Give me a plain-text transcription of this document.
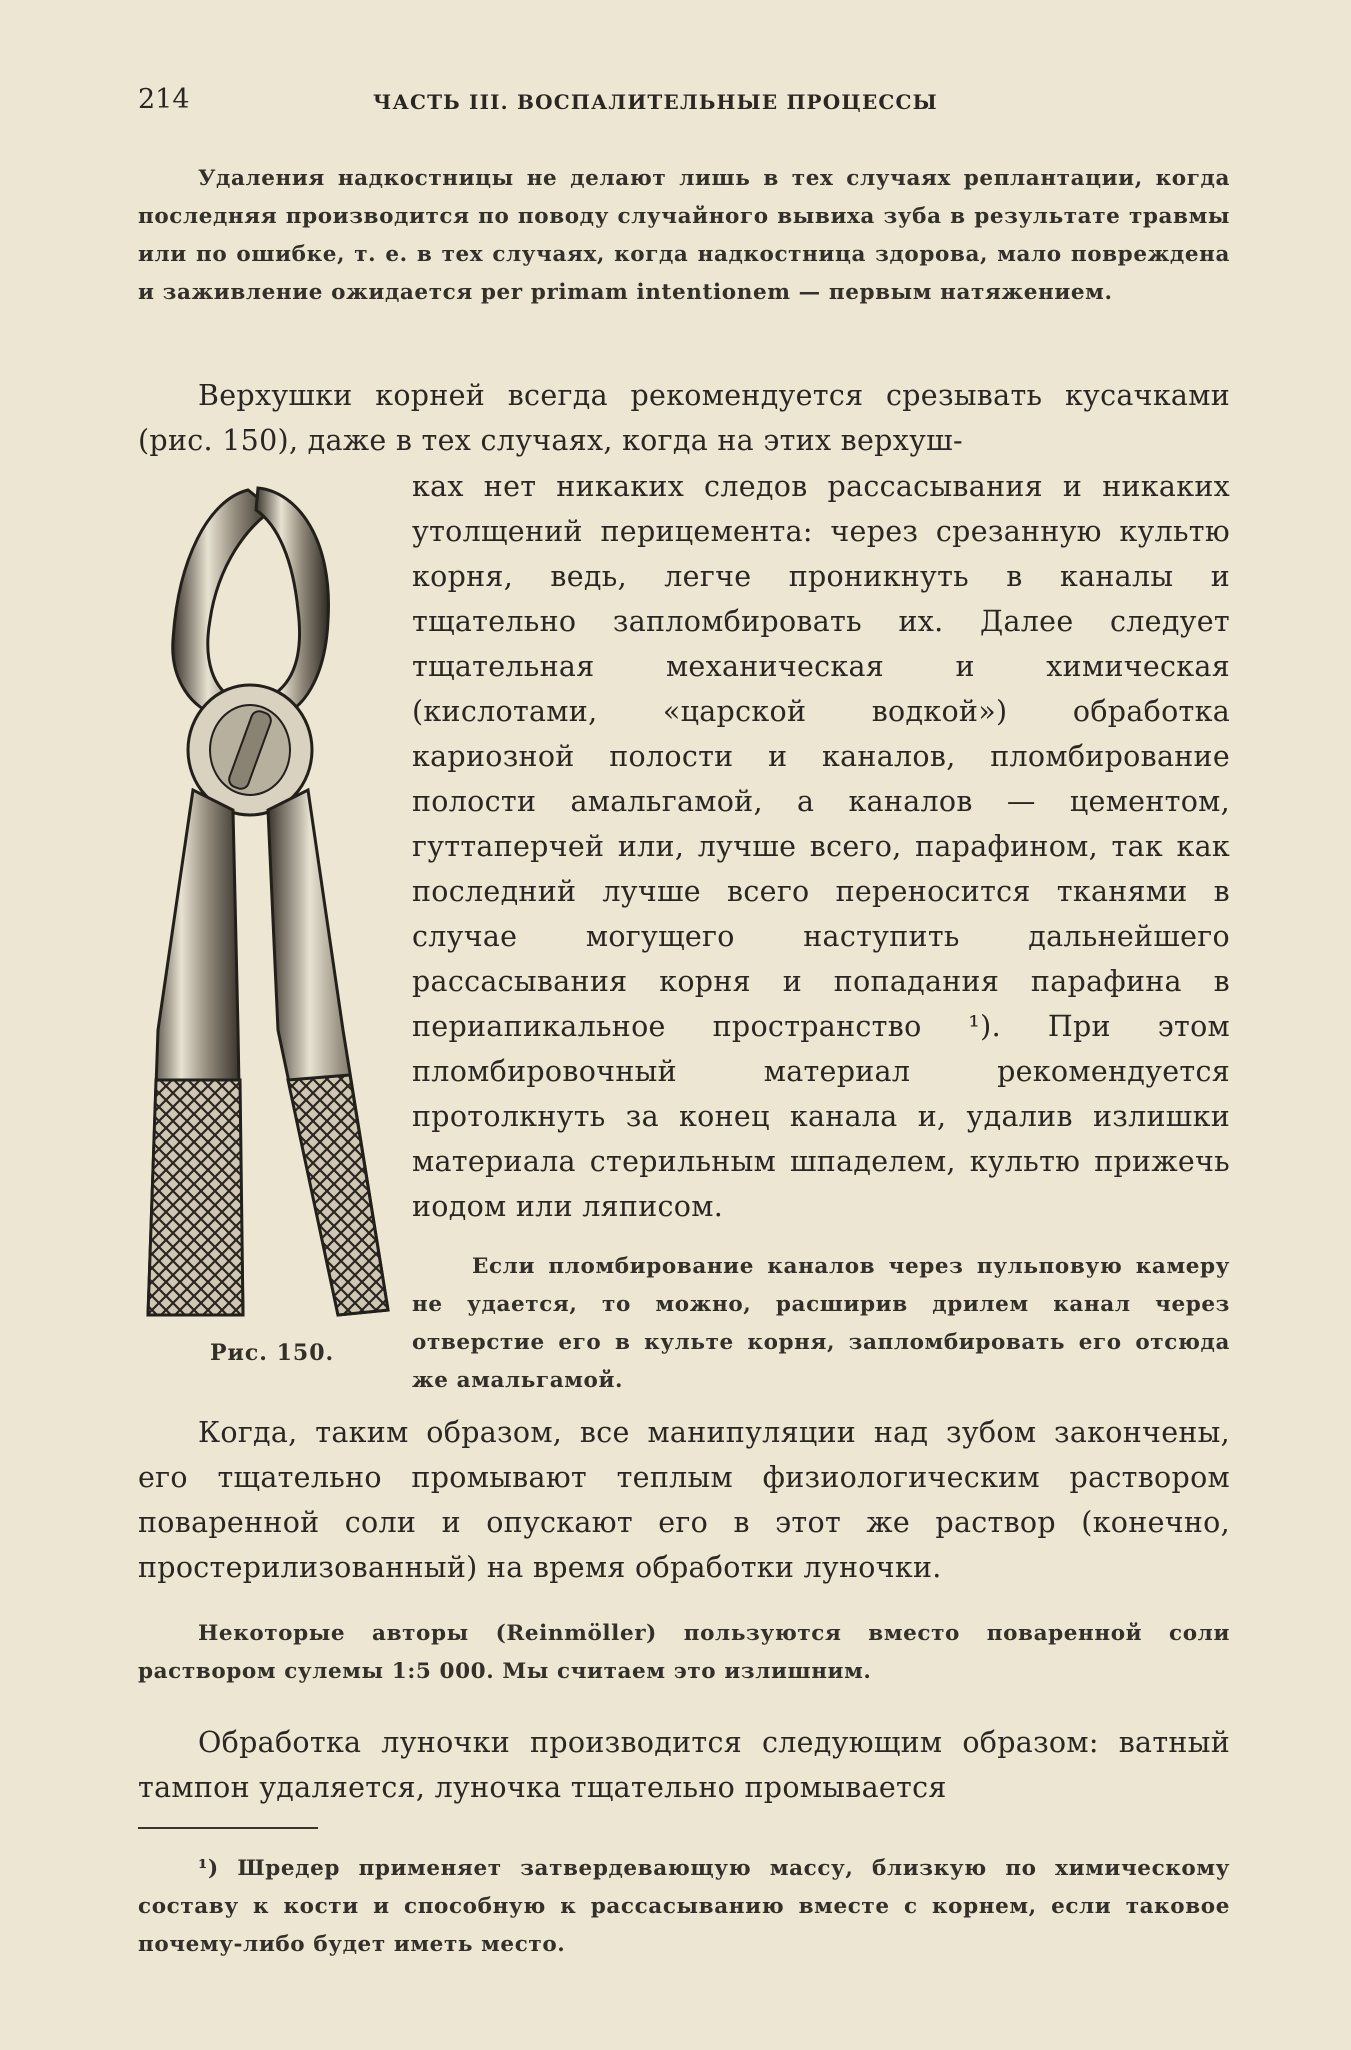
214	ЧАСТЬ III. ВОСПАЛИТЕЛЬНЫЕ ПРОЦЕССЫ

Удаления надкостницы не делают лишь в тех случаях реплантации, когда последняя производится по поводу случайного вывиха зуба в результате травмы или по ошибке, т. е. в тех случаях, когда надкостница здорова, мало повреждена и заживление ожидается per primam intentionem — первым натяжением.

Верхушки корней всегда рекомендуется срезывать кусачками (рис. 150), даже в тех случаях, когда на этих верхуш-

ках нет никаких следов рассасывания и никаких утолщений перицемента: через срезанную культю корня, ведь, легче проникнуть в каналы и тщательно запломбировать их. Далее следует тщательная механическая и химическая (кислотами, «царской водкой») обработка кариозной полости и каналов, пломбирование полости амальгамой, а каналов — цементом, гуттаперчей или, лучше всего, парафином, так как последний лучше всего переносится тканями в случае могущего наступить дальнейшего рассасывания корня и попадания парафина в периапикальное пространство ¹). При этом пломбировочный материал рекомендуется протолкнуть за конец канала и, удалив излишки материала стерильным шпаделем, культю прижечь иодом или ляписом.

Если пломбирование каналов через пульповую камеру не удается, то можно, расширив дрилем канал через отверстие его в культе корня, запломбировать его отсюда же амальгамой.

Рис. 150.

Когда, таким образом, все манипуляции над зубом закончены, его тщательно промывают теплым физиологическим раствором поваренной соли и опускают его в этот же раствор (конечно, простерилизованный) на время обработки луночки.

Некоторые авторы (Reinmöller) пользуются вместо поваренной соли раствором сулемы 1:5 000. Мы считаем это излишним.

Обработка луночки производится следующим образом: ватный тампон удаляется, луночка тщательно промывается

¹) Шредер применяет затвердевающую массу, близкую по химическому составу к кости и способную к рассасыванию вместе с корнем, если таковое почему-либо будет иметь место.
